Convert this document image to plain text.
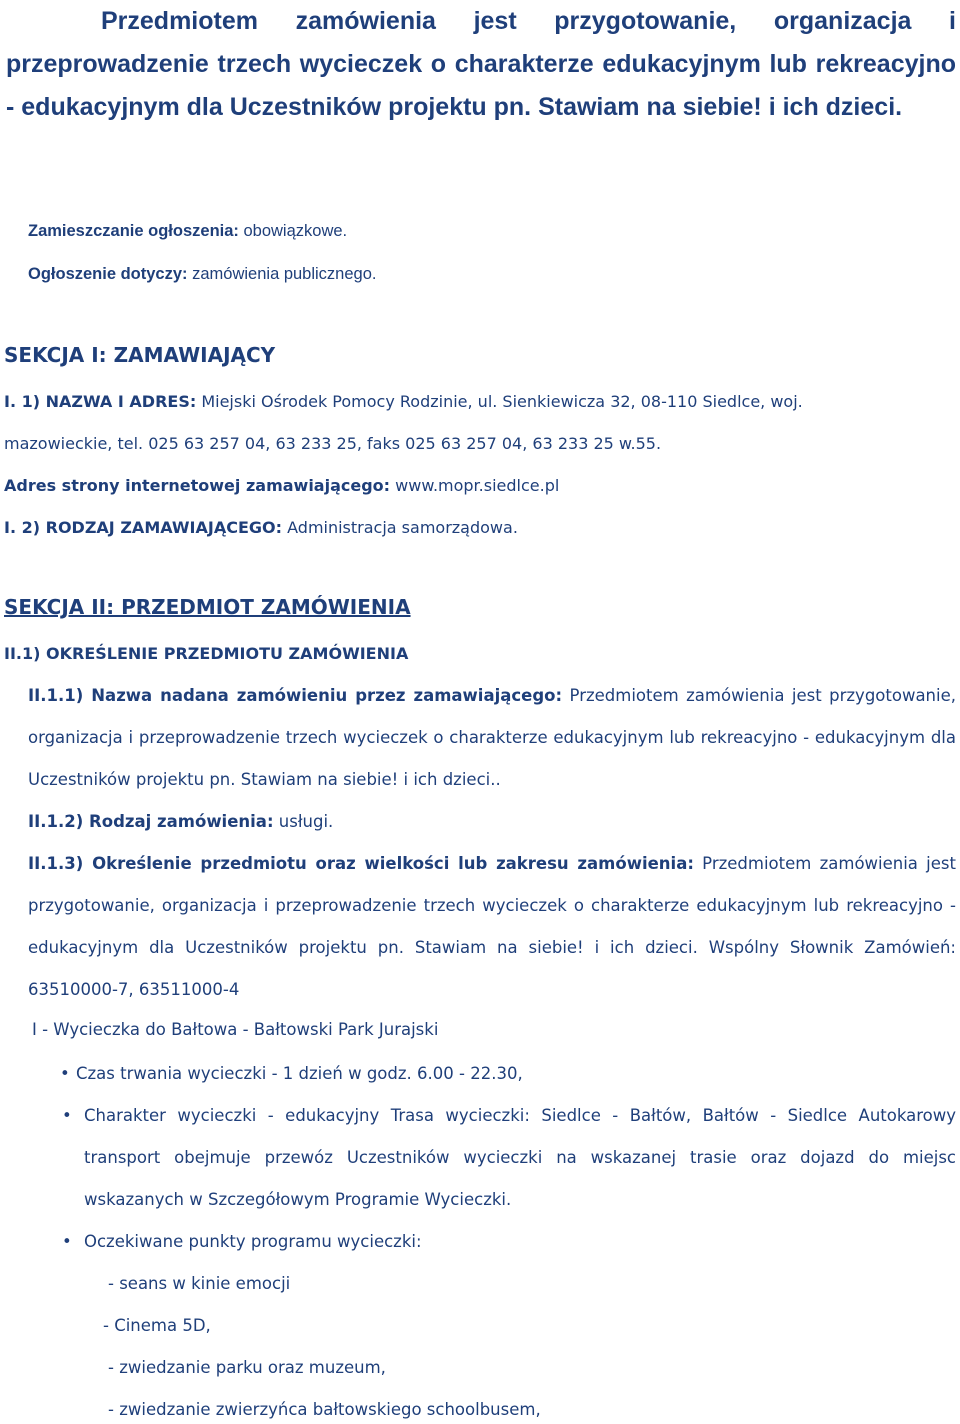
Przedmiotem zamówienia jest przygotowanie, organizacja i przeprowadzenie trzech wycieczek o charakterze edukacyjnym lub rekreacyjno - edukacyjnym dla Uczestników projektu pn. Stawiam na siebie! i ich dzieci.

Zamieszczanie ogłoszenia: obowiązkowe.

Ogłoszenie dotyczy: zamówienia publicznego.

SEKCJA I: ZAMAWIAJĄCY

I. 1) NAZWA I ADRES: Miejski Ośrodek Pomocy Rodzinie, ul. Sienkiewicza 32, 08-110 Siedlce, woj.

mazowieckie, tel. 025 63 257 04, 63 233 25, faks 025 63 257 04, 63 233 25 w.55.

Adres strony internetowej zamawiającego: www.mopr.siedlce.pl

I. 2) RODZAJ ZAMAWIAJĄCEGO: Administracja samorządowa.

SEKCJA II: PRZEDMIOT ZAMÓWIENIA

II.1) OKREŚLENIE PRZEDMIOTU ZAMÓWIENIA

II.1.1) Nazwa nadana zamówieniu przez zamawiającego: Przedmiotem zamówienia jest przygotowanie, organizacja i przeprowadzenie trzech wycieczek o charakterze edukacyjnym lub rekreacyjno - edukacyjnym dla Uczestników projektu pn. Stawiam na siebie! i ich dzieci..

II.1.2) Rodzaj zamówienia: usługi.

II.1.3) Określenie przedmiotu oraz wielkości lub zakresu zamówienia: Przedmiotem zamówienia jest przygotowanie, organizacja i przeprowadzenie trzech wycieczek o charakterze edukacyjnym lub rekreacyjno - edukacyjnym dla Uczestników projektu pn. Stawiam na siebie! i ich dzieci. Wspólny Słownik Zamówień: 63510000-7, 63511000-4

I - Wycieczka do Bałtowa - Bałtowski Park Jurajski

• Czas trwania wycieczki - 1 dzień w godz. 6.00 - 22.30,
• Charakter wycieczki - edukacyjny Trasa wycieczki: Siedlce - Bałtów, Bałtów - Siedlce Autokarowy transport obejmuje przewóz Uczestników wycieczki na wskazanej trasie oraz dojazd do miejsc wskazanych w Szczegółowym Programie Wycieczki.
• Oczekiwane punkty programu wycieczki:

- seans w kinie emocji

- Cinema 5D,

- zwiedzanie parku oraz muzeum,

- zwiedzanie zwierzyńca bałtowskiego schoolbusem,
